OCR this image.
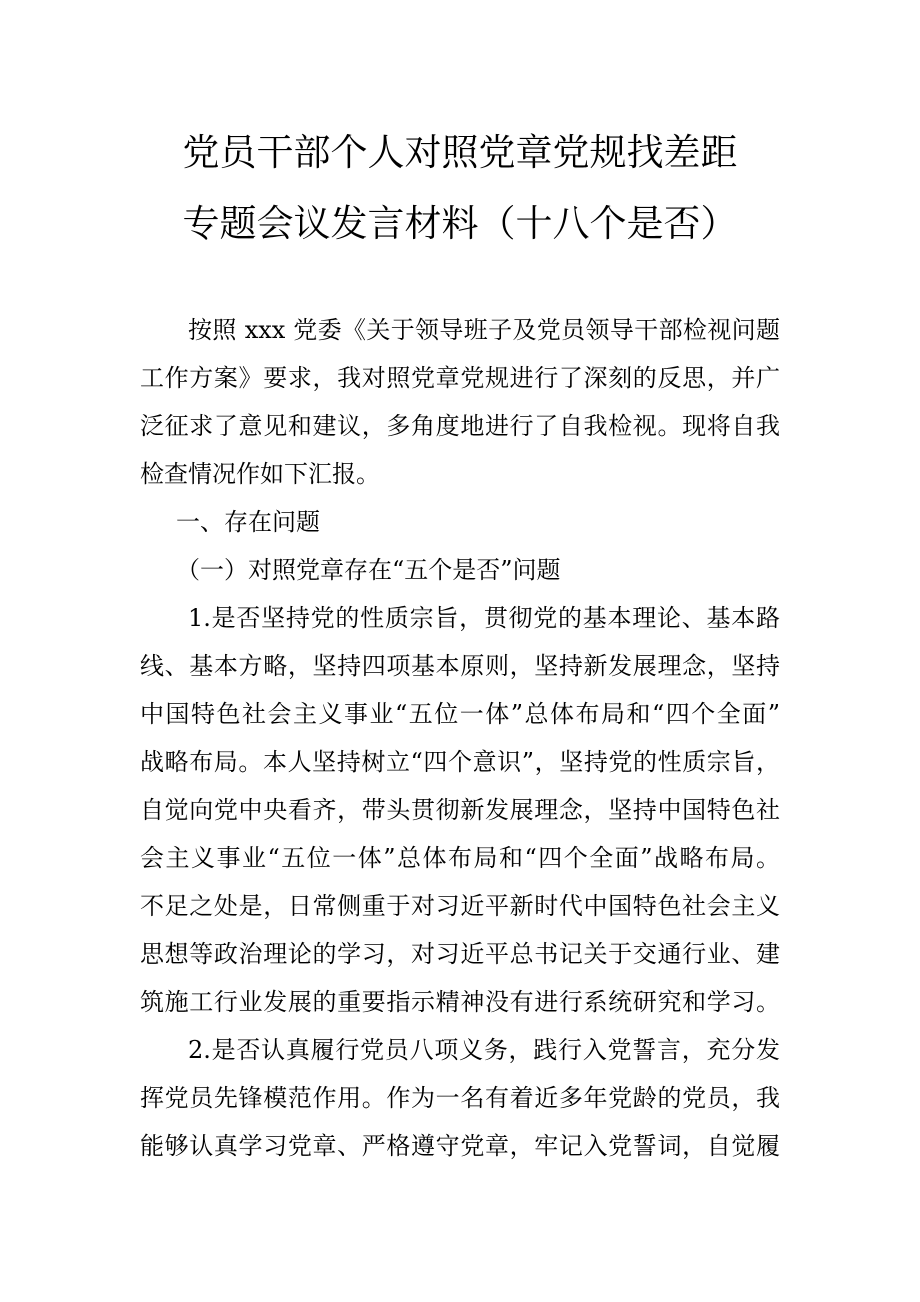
党员干部个人对照党章党规找差距
专题会议发言材料（十八个是否）
按照 xxx 党委《关于领导班子及党员领导干部检视问题
工作方案》要求，我对照党章党规进行了深刻的反思，并广
泛征求了意见和建议，多角度地进行了自我检视。现将自我
检查情况作如下汇报。
一、存在问题
（一）对照党章存在“五个是否”问题
1.是否坚持党的性质宗旨，贯彻党的基本理论、基本路
线、基本方略，坚持四项基本原则，坚持新发展理念，坚持
中国特色社会主义事业“五位一体”总体布局和“四个全面”
战略布局。本人坚持树立“四个意识”，坚持党的性质宗旨，
自觉向党中央看齐，带头贯彻新发展理念，坚持中国特色社
会主义事业“五位一体”总体布局和“四个全面”战略布局。
不足之处是，日常侧重于对习近平新时代中国特色社会主义
思想等政治理论的学习，对习近平总书记关于交通行业、建
筑施工行业发展的重要指示精神没有进行系统研究和学习。
2.是否认真履行党员八项义务，践行入党誓言，充分发
挥党员先锋模范作用。作为一名有着近多年党龄的党员，我
能够认真学习党章、严格遵守党章，牢记入党誓词，自觉履
